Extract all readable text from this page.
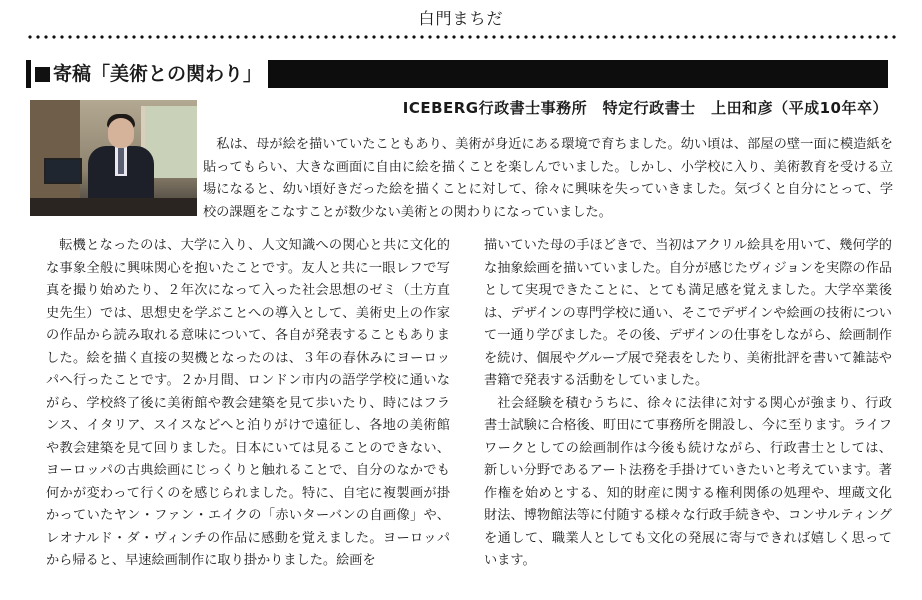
白門まちだ
寄稿「美術との関わり」
ICEBERG行政書士事務所　特定行政書士　上田和彦（平成10年卒）
　私は、母が絵を描いていたこともあり、美術が身近にある環境で育ちました。幼い頃は、部屋の壁一面に模造紙を貼ってもらい、大きな画面に自由に絵を描くことを楽しんでいました。しかし、小学校に入り、美術教育を受ける立場になると、幼い頃好きだった絵を描くことに対して、徐々に興味を失っていきました。気づくと自分にとって、学校の課題をこなすことが数少ない美術との関わりになっていました。

転機となったのは、大学に入り、人文知識への関心と共に文化的な事象全般に興味関心を抱いたことです。友人と共に一眼レフで写真を撮り始めたり、２年次になって入った社会思想のゼミ（土方直史先生）では、思想史を学ぶことへの導入として、美術史上の作家の作品から読み取れる意味について、各自が発表することもありました。絵を描く直接の契機となったのは、３年の春休みにヨーロッパへ行ったことです。２か月間、ロンドン市内の語学学校に通いながら、学校終了後に美術館や教会建築を見て歩いたり、時にはフランス、イタリア、スイスなどへと泊りがけで遠征し、各地の美術館や教会建築を見て回りました。日本にいては見ることのできない、ヨーロッパの古典絵画にじっくりと触れることで、自分のなかでも何かが変わって行くのを感じられました。特に、自宅に複製画が掛かっていたヤン・ファン・エイクの「赤いターバンの自画像」や、レオナルド・ダ・ヴィンチの作品に感動を覚えました。ヨーロッパから帰ると、早速絵画制作に取り掛かりました。絵画を

描いていた母の手ほどきで、当初はアクリル絵具を用いて、幾何学的な抽象絵画を描いていました。自分が感じたヴィジョンを実際の作品として実現できたことに、とても満足感を覚えました。大学卒業後は、デザインの専門学校に通い、そこでデザインや絵画の技術について一通り学びました。その後、デザインの仕事をしながら、絵画制作を続け、個展やグループ展で発表をしたり、美術批評を書いて雑誌や書籍で発表する活動をしていました。

社会経験を積むうちに、徐々に法律に対する関心が強まり、行政書士試験に合格後、町田にて事務所を開設し、今に至ります。ライフワークとしての絵画制作は今後も続けながら、行政書士としては、新しい分野であるアート法務を手掛けていきたいと考えています。著作権を始めとする、知的財産に関する権利関係の処理や、埋蔵文化財法、博物館法等に付随する様々な行政手続きや、コンサルティングを通して、職業人としても文化の発展に寄与できれば嬉しく思っています。
